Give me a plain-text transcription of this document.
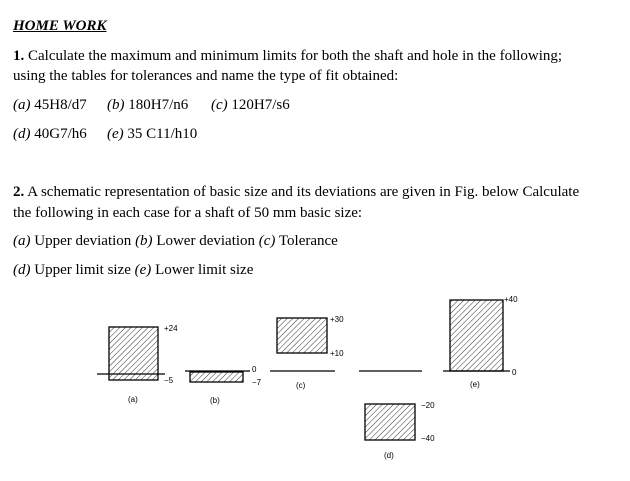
HOME WORK
1. Calculate the maximum and minimum limits for both the shaft and hole in the following;
using the tables for tolerances and name the type of fit obtained:
(a) 45H8/d7 (b) 180H7/n6 (c) 120H7/s6
(d) 40G7/h6 (e) 35 C11/h10
2. A schematic representation of basic size and its deviations are given in Fig. below Calculate
the following in each case for a shaft of 50 mm basic size:
(a) Upper deviation (b) Lower deviation (c) Tolerance
(d) Upper limit size (e) Lower limit size
+24
−5
(a)
0
−7
(b)
+30
+10
(c)
−20
−40
(d)
+40
0
(e)
